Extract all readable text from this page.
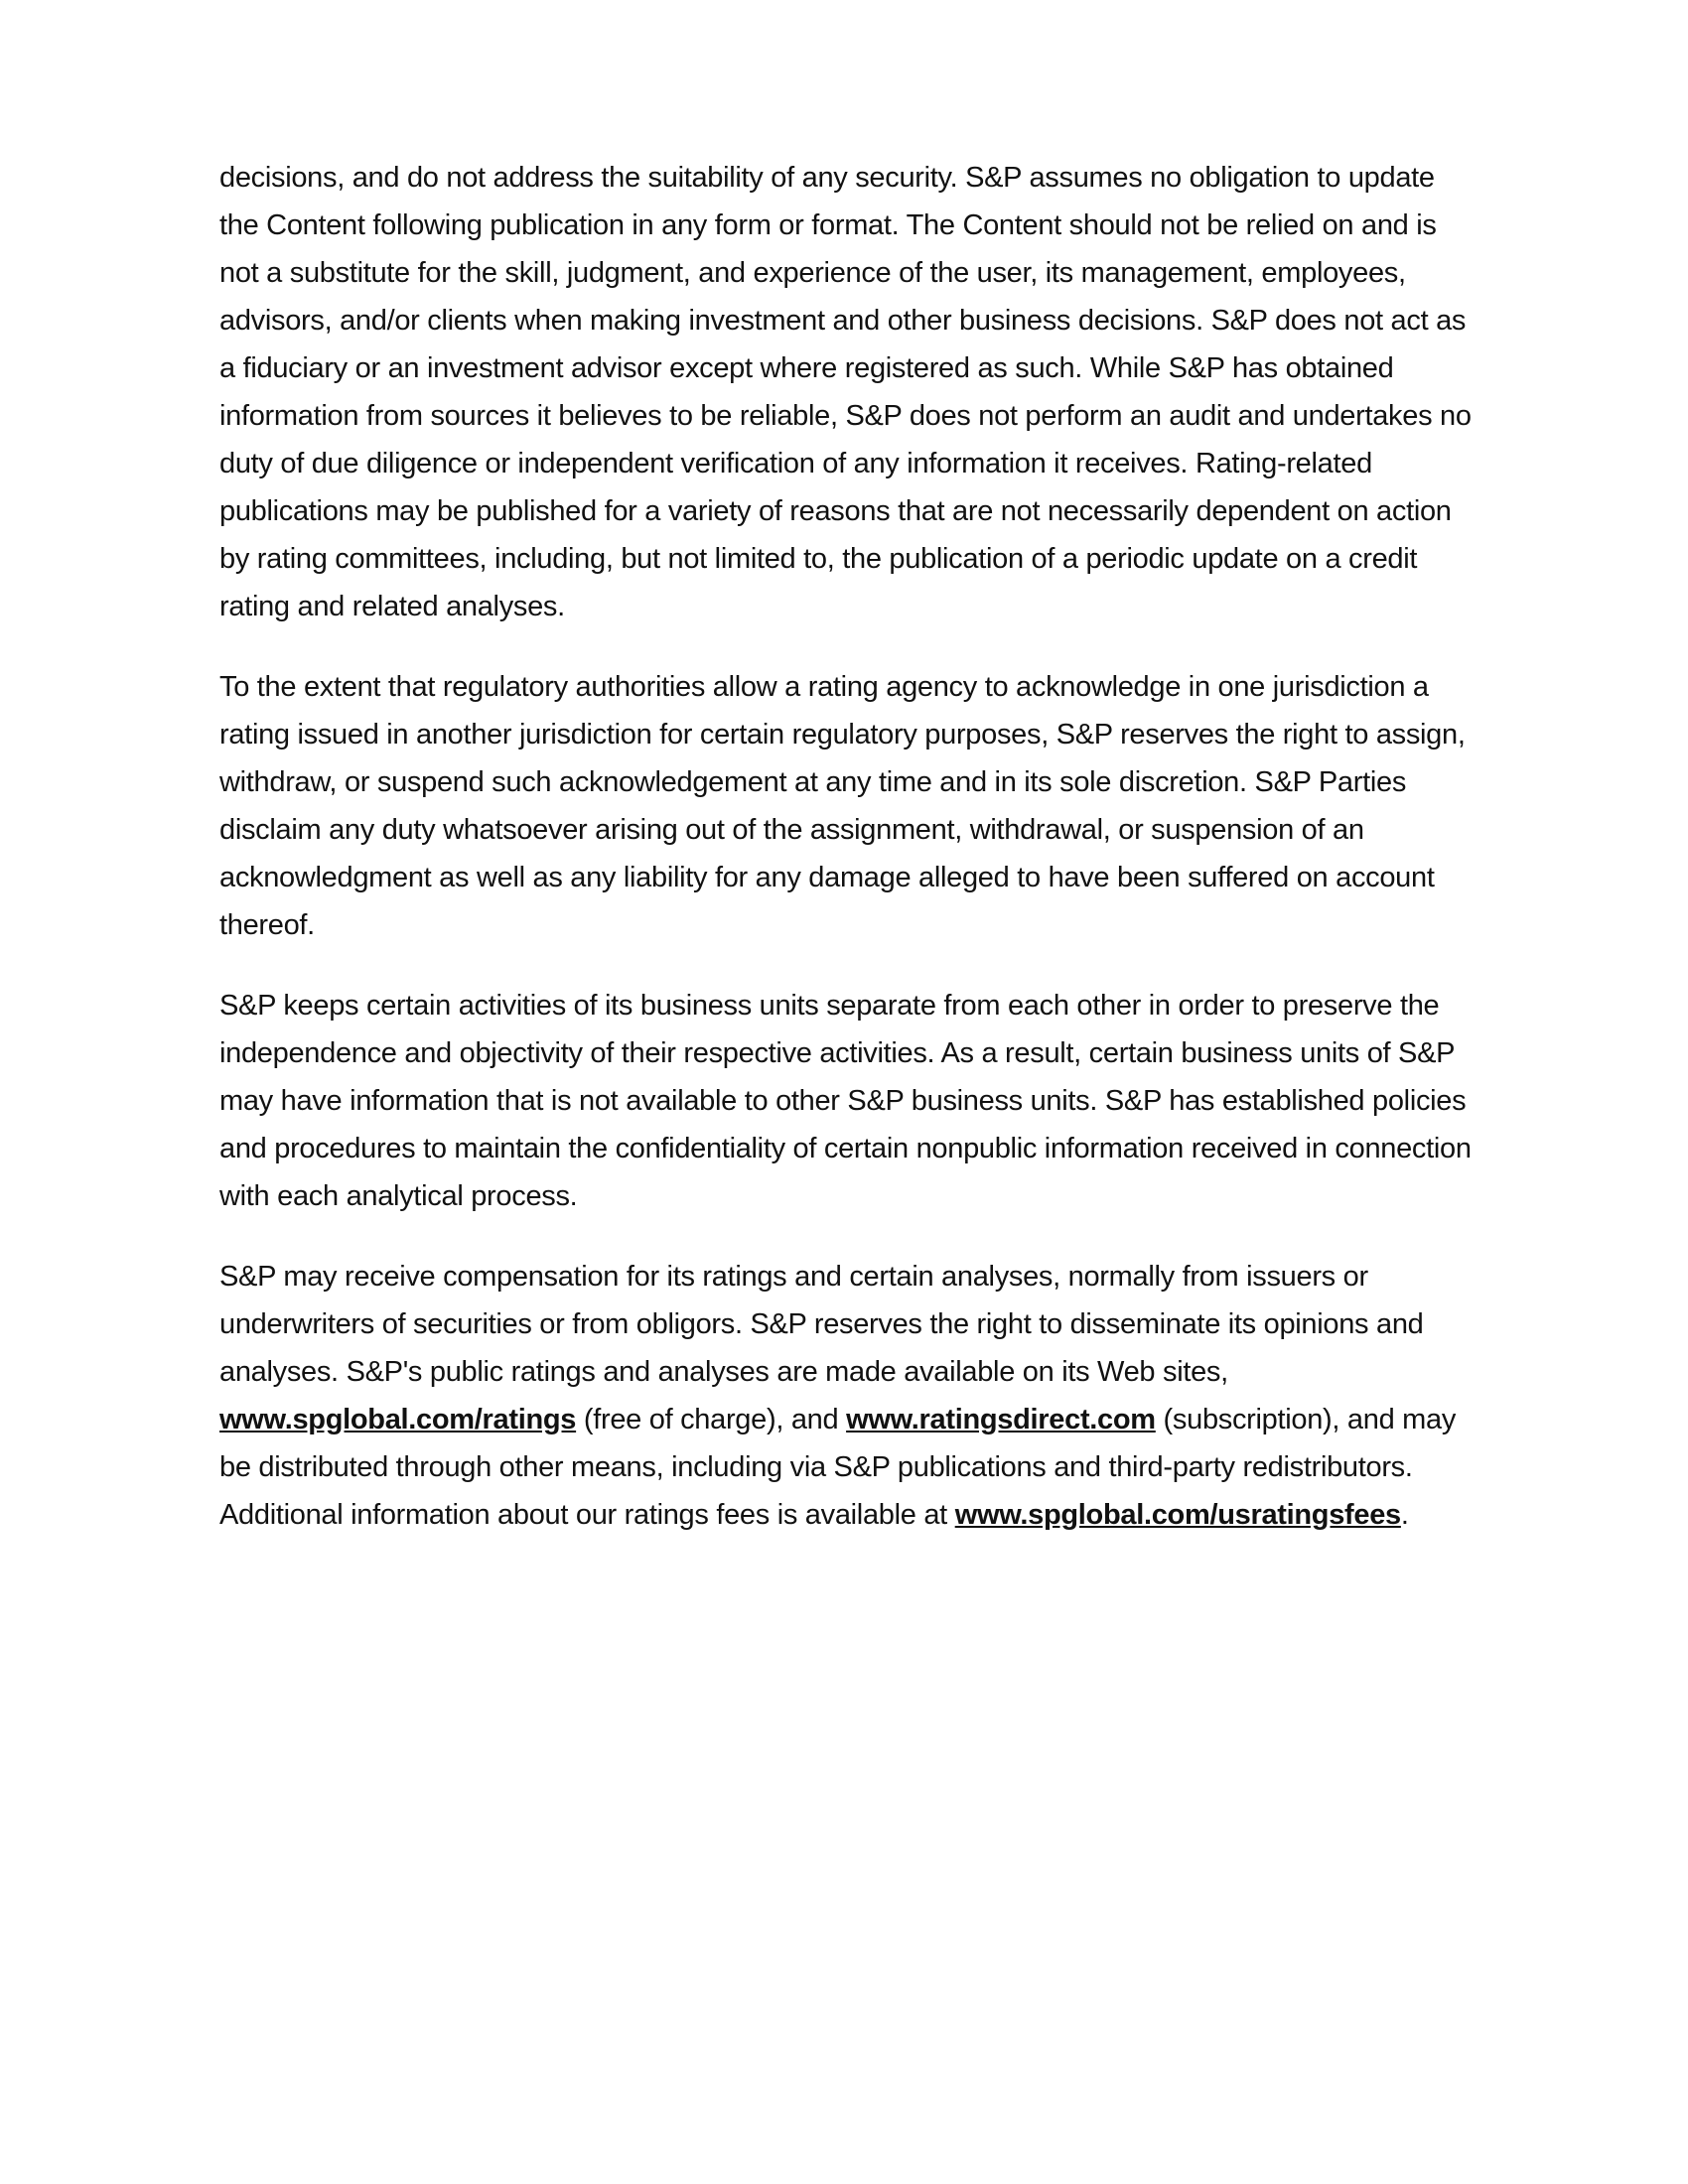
decisions, and do not address the suitability of any security. S&P assumes no obligation to update the Content following publication in any form or format. The Content should not be relied on and is not a substitute for the skill, judgment, and experience of the user, its management, employees, advisors, and/or clients when making investment and other business decisions. S&P does not act as a fiduciary or an investment advisor except where registered as such. While S&P has obtained information from sources it believes to be reliable, S&P does not perform an audit and undertakes no duty of due diligence or independent verification of any information it receives. Rating-related publications may be published for a variety of reasons that are not necessarily dependent on action by rating committees, including, but not limited to, the publication of a periodic update on a credit rating and related analyses.

To the extent that regulatory authorities allow a rating agency to acknowledge in one jurisdiction a rating issued in another jurisdiction for certain regulatory purposes, S&P reserves the right to assign, withdraw, or suspend such acknowledgement at any time and in its sole discretion. S&P Parties disclaim any duty whatsoever arising out of the assignment, withdrawal, or suspension of an acknowledgment as well as any liability for any damage alleged to have been suffered on account thereof.

S&P keeps certain activities of its business units separate from each other in order to preserve the independence and objectivity of their respective activities. As a result, certain business units of S&P may have information that is not available to other S&P business units. S&P has established policies and procedures to maintain the confidentiality of certain nonpublic information received in connection with each analytical process.

S&P may receive compensation for its ratings and certain analyses, normally from issuers or underwriters of securities or from obligors. S&P reserves the right to disseminate its opinions and analyses. S&P's public ratings and analyses are made available on its Web sites, www.spglobal.com/ratings (free of charge), and www.ratingsdirect.com (subscription), and may be distributed through other means, including via S&P publications and third-party redistributors. Additional information about our ratings fees is available at www.spglobal.com/usratingsfees.
